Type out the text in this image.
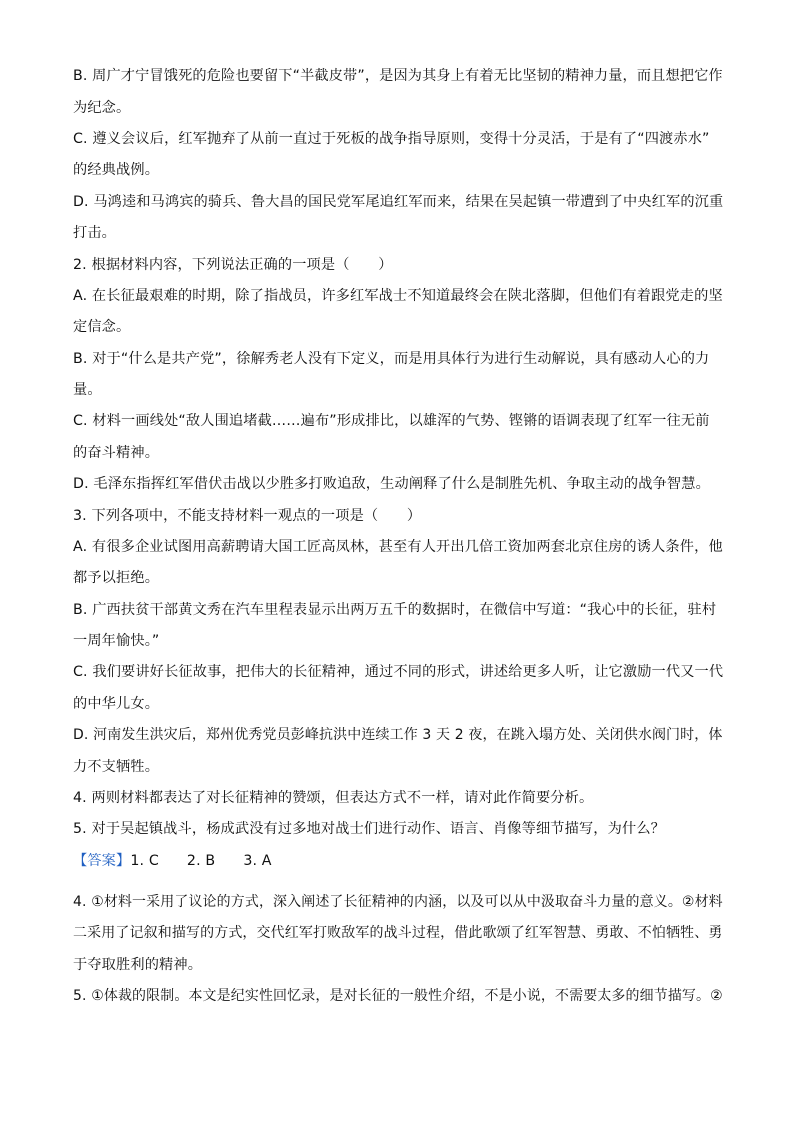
B. 周广才宁冒饿死的危险也要留下“半截皮带”，是因为其身上有着无比坚韧的精神力量，而且想把它作
为纪念。
C. 遵义会议后，红军抛弃了从前一直过于死板的战争指导原则，变得十分灵活，于是有了“四渡赤水”
的经典战例。
D. 马鸿逵和马鸿宾的骑兵、鲁大昌的国民党军尾追红军而来，结果在吴起镇一带遭到了中央红军的沉重
打击。
2. 根据材料内容，下列说法正确的一项是（　　）
A. 在长征最艰难的时期，除了指战员，许多红军战士不知道最终会在陕北落脚，但他们有着跟党走的坚
定信念。
B. 对于“什么是共产党”，徐解秀老人没有下定义，而是用具体行为进行生动解说，具有感动人心的力
量。
C. 材料一画线处“敌人围追堵截……遍布”形成排比，以雄浑的气势、铿锵的语调表现了红军一往无前
的奋斗精神。
D. 毛泽东指挥红军借伏击战以少胜多打败追敌，生动阐释了什么是制胜先机、争取主动的战争智慧。
3. 下列各项中，不能支持材料一观点的一项是（　　）
A. 有很多企业试图用高薪聘请大国工匠高凤林，甚至有人开出几倍工资加两套北京住房的诱人条件，他
都予以拒绝。
B. 广西扶贫干部黄文秀在汽车里程表显示出两万五千的数据时，在微信中写道：“我心中的长征，驻村
一周年愉快。”
C. 我们要讲好长征故事，把伟大的长征精神，通过不同的形式，讲述给更多人听，让它激励一代又一代
的中华儿女。
D. 河南发生洪灾后，郑州优秀党员彭峰抗洪中连续工作 3 天 2 夜，在跳入塌方处、关闭供水阀门时，体
力不支牺牲。
4. 两则材料都表达了对长征精神的赞颂，但表达方式不一样，请对此作简要分析。
5. 对于吴起镇战斗，杨成武没有过多地对战士们进行动作、语言、肖像等细节描写，为什么？
【答案】1. C 2. B 3. A
4. ①材料一采用了议论的方式，深入阐述了长征精神的内涵，以及可以从中汲取奋斗力量的意义。②材料
二采用了记叙和描写的方式，交代红军打败敌军的战斗过程，借此歌颂了红军智慧、勇敢、不怕牺牲、勇
于夺取胜利的精神。
5. ①体裁的限制。本文是纪实性回忆录，是对长征的一般性介绍，不是小说，不需要太多的细节描写。②
